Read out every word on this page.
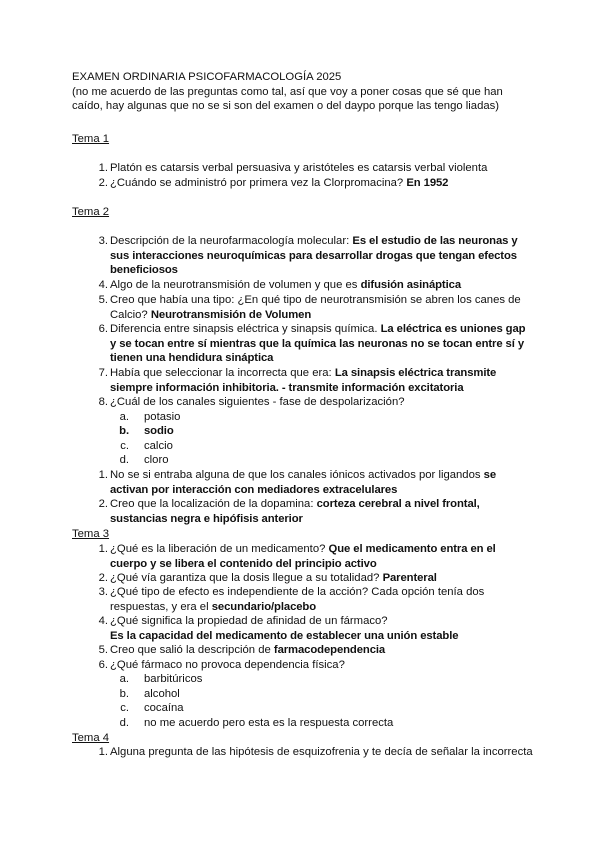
EXAMEN ORDINARIA PSICOFARMACOLOGÍA 2025
(no me acuerdo de las preguntas como tal, así que voy a poner cosas que sé que han
caído, hay algunas que no se si son del examen o del daypo porque las tengo liadas)
Tema 1
1. Platón es catarsis verbal persuasiva y aristóteles es catarsis verbal violenta
2. ¿Cuándo se administró por primera vez la Clorpromacina? En 1952
Tema 2
3. Descripción de la neurofarmacología molecular: Es el estudio de las neuronas y
sus interacciones neuroquímicas para desarrollar drogas que tengan efectos
beneficiosos
4. Algo de la neurotransmisión de volumen y que es difusión asináptica
5. Creo que había una tipo: ¿En qué tipo de neurotransmisión se abren los canes de
Calcio? Neurotransmisión de Volumen
6. Diferencia entre sinapsis eléctrica y sinapsis química. La eléctrica es uniones gap
y se tocan entre sí mientras que la química las neuronas no se tocan entre sí y
tienen una hendidura sináptica
7. Había que seleccionar la incorrecta que era: La sinapsis eléctrica transmite
siempre información inhibitoria. - transmite información excitatoria
8. ¿Cuál de los canales siguientes - fase de despolarización?
a. potasio
b. sodio
c. calcio
d. cloro
1. No se si entraba alguna de que los canales iónicos activados por ligandos se
activan por interacción con mediadores extracelulares
2. Creo que la localización de la dopamina: corteza cerebral a nivel frontal,
sustancias negra e hipófisis anterior
Tema 3
1. ¿Qué es la liberación de un medicamento? Que el medicamento entra en el
cuerpo y se libera el contenido del principio activo
2. ¿Qué vía garantiza que la dosis llegue a su totalidad? Parenteral
3. ¿Qué tipo de efecto es independiente de la acción? Cada opción tenía dos
respuestas, y era el secundario/placebo
4. ¿Qué significa la propiedad de afinidad de un fármaco?
Es la capacidad del medicamento de establecer una unión estable
5. Creo que salió la descripción de farmacodependencia
6. ¿Qué fármaco no provoca dependencia física?
a. barbitúricos
b. alcohol
c. cocaína
d. no me acuerdo pero esta es la respuesta correcta
Tema 4
1. Alguna pregunta de las hipótesis de esquizofrenia y te decía de señalar la incorrecta
